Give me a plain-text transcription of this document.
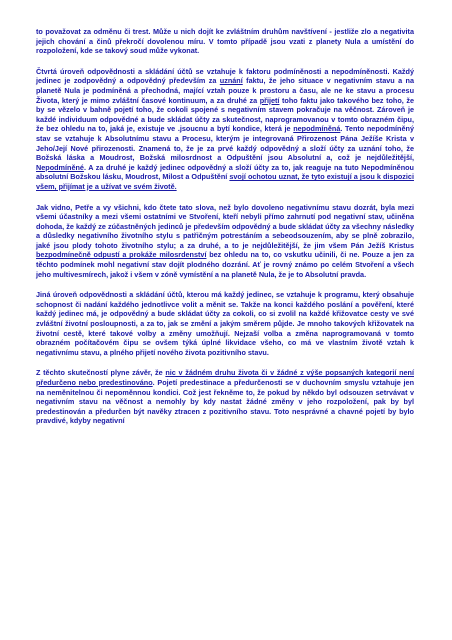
to považovat za odměnu či trest. Může u nich dojít ke zvláštním druhům navštívení - jestliže zlo a negativita jejich chování a činů překročí dovolenou míru. V tomto případě jsou vzati z planety Nula a umístění do rozpoložení, kde se takový soud může vykonat.

Čtvrtá úroveň odpovědnosti a skládání účtů se vztahuje k faktoru podmíněnosti a nepodmíněnosti. Každý jedinec je zodpovědný a odpovědný především za uznání faktu, že jeho situace v negativním stavu a na planetě Nula je podmíněná a přechodná, mající vztah pouze k prostoru a času, ale ne ke stavu a procesu Života, který je mimo zvláštní časové kontinuum, a za druhé za přijetí toho faktu jako takového bez toho, že by se vězelo v bahně pojetí toho, že cokoli spojené s negativním stavem pokračuje na věčnost. Zároveň je každé individuum odpovědné a bude skládat účty za skutečnost, naprogramovanou v tomto obrazném čipu, že bez ohledu na to, jaká je, existuje ve .jsoucnu a bytí kondice, která je nepodmíněná. Tento nepodmíněný stav se vztahuje k Absolutnímu stavu a Procesu, kterým je integrovaná Přirozenost Pána Ježíše Krista v Jeho/Její Nové přirozenosti. Znamená to, že je za prvé každý odpovědný a složí účty za uznání toho, že Božská láska a Moudrost, Božská milosrdnost a Odpuštění jsou Absolutní a, což je nejdůležitější, Nepodmíněné. A za druhé je každý jedinec odpovědný a složí účty za to, jak reaguje na tuto Nepodmíněnou absolutní Božskou lásku, Moudrost, Milost a Odpuštění svojí ochotou uznat, že tyto existují a jsou k dispozici všem, přijímat je a užívat ve svém životě.

Jak vidno, Petře a vy všichni, kdo čtete tato slova, než bylo dovoleno negativnímu stavu dozrát, byla mezi všemi účastníky a mezi všemi ostatními ve Stvoření, kteří nebyli přímo zahrnutí pod negativní stav, učiněna dohoda, že každý ze zúčastněných jedinců je především odpovědný a bude skládat účty za všechny následky a důsledky negativního životního stylu s patřičným potrestáním a sebeodsouzením, aby se plně zobrazilo, jaké jsou plody tohoto životního stylu; a za druhé, a to je nejdůležitější, že jim všem Pán Ježíš Kristus bezpodmínečně odpustí a prokáže milosrdenství bez ohledu na to, co vskutku učinili, či ne. Pouze a jen za těchto podmínek mohl negativní stav dojít plodného dozrání. Ať je rovný známo po celém Stvoření a všech jeho multivesmírech, jakož i všem v zóně vymístění a na planetě Nula, že je to Absolutní pravda.

Jiná úroveň odpovědnosti a skládání účtů, kterou má každý jedinec, se vztahuje k programu, který obsahuje schopnost či nadání každého jednotlivce volit a měnit se. Takže na konci každého poslání a pověření, které každý jedinec má, je odpovědný a bude skládat účty za cokoli, co si zvolil na každé křižovatce cesty ve své zvláštní životní posloupnosti, a za to, jak se změní a jakým směrem půjde. Je mnoho takových křižovatek na životní cestě, které takové volby a změny umožňují. Nejzaší volba a změna naprogramovaná v tomto obrazném počítačovém čipu se ovšem týká úplné likvidace všeho, co má ve vlastním životě vztah k negativnímu stavu, a plného přijetí nového života pozitivního stavu.

Z těchto skutečností plyne závěr, že nic v žádném druhu života či v žádné z výše popsaných kategorií není předurčeno nebo predestinováno. Pojetí predestinace a předurčenosti se v duchovním smyslu vztahuje jen na neměnitelnou či nepoměnnou kondici. Což jest řekněme to, že pokud by někdo byl odsouzen setrvávat v negativním stavu na věčnost a nemohly by kdy nastat žádné změny v jeho rozpoložení, pak by byl predestinován a předurčen být navěky ztracen z pozitivního stavu. Toto nesprávné a chavné pojetí by bylo pravdivé, kdyby negativní
